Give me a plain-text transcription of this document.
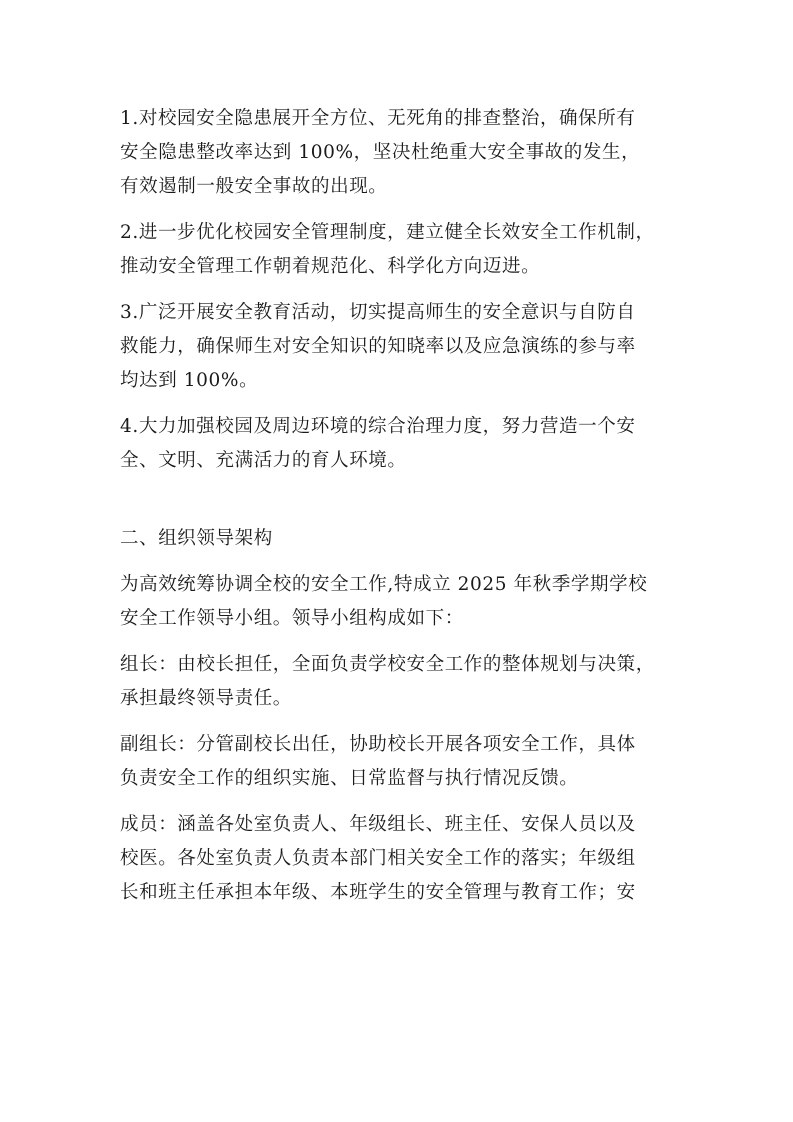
1.对校园安全隐患展开全方位、无死角的排查整治，确保所有
安全隐患整改率达到 100%，坚决杜绝重大安全事故的发生，
有效遏制一般安全事故的出现。
2.进一步优化校园安全管理制度，建立健全长效安全工作机制，
推动安全管理工作朝着规范化、科学化方向迈进。
3.广泛开展安全教育活动，切实提高师生的安全意识与自防自
救能力，确保师生对安全知识的知晓率以及应急演练的参与率
均达到 100%。
4.大力加强校园及周边环境的综合治理力度，努力营造一个安
全、文明、充满活力的育人环境。
二、组织领导架构
为高效统筹协调全校的安全工作,特成立 2025 年秋季学期学校
安全工作领导小组。领导小组构成如下：
组长：由校长担任，全面负责学校安全工作的整体规划与决策，
承担最终领导责任。
副组长：分管副校长出任，协助校长开展各项安全工作，具体
负责安全工作的组织实施、日常监督与执行情况反馈。
成员：涵盖各处室负责人、年级组长、班主任、安保人员以及
校医。各处室负责人负责本部门相关安全工作的落实；年级组
长和班主任承担本年级、本班学生的安全管理与教育工作；安
